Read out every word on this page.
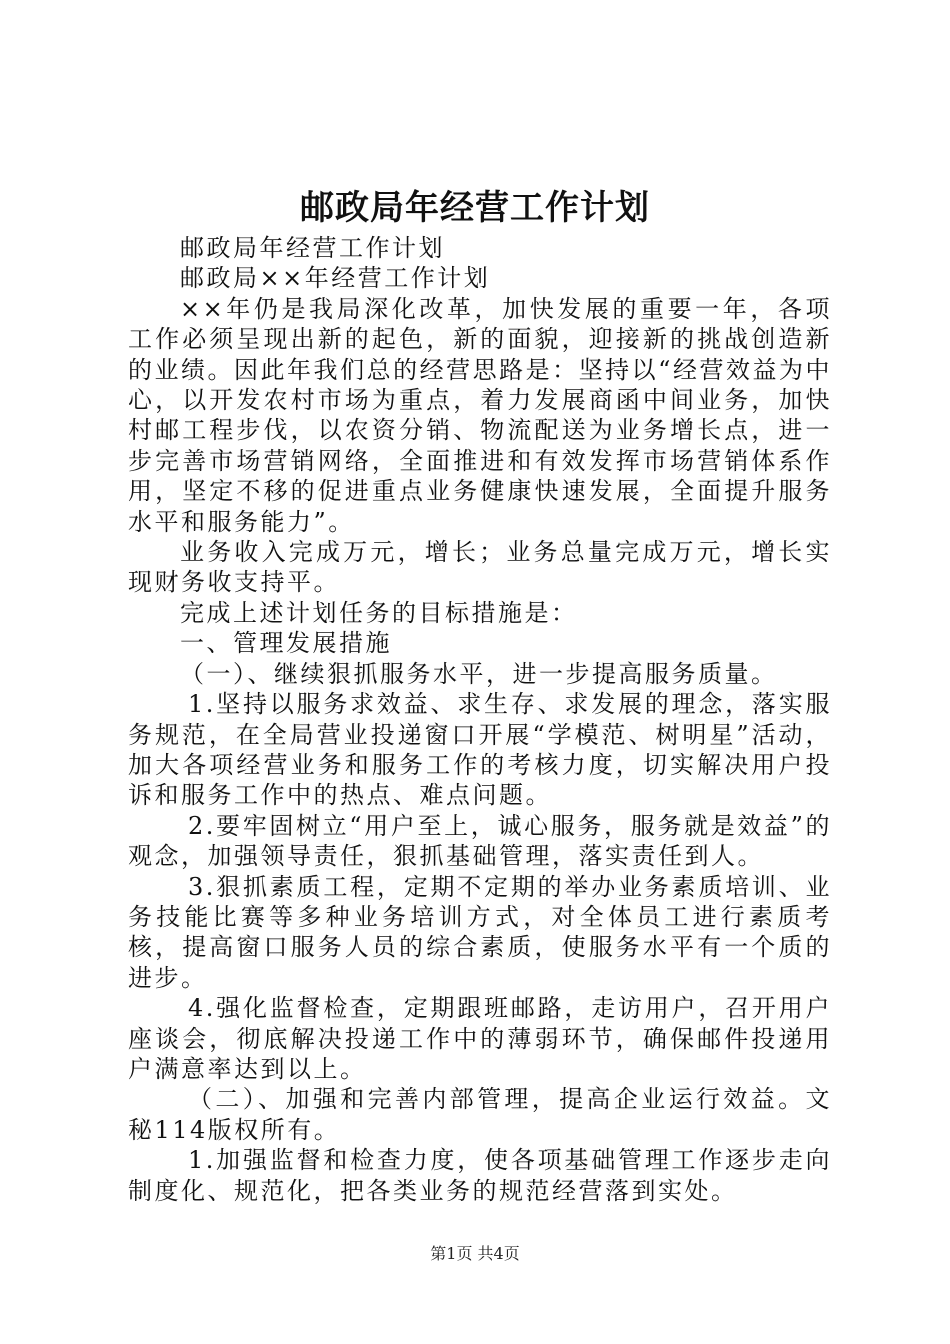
邮政局年经营工作计划

邮政局年经营工作计划

邮政局××年经营工作计划

××年仍是我局深化改革，加快发展的重要一年，各项工作必须呈现出新的起色，新的面貌，迎接新的挑战创造新的业绩。因此年我们总的经营思路是：坚持以“经营效益为中心，以开发农村市场为重点，着力发展商函中间业务，加快村邮工程步伐，以农资分销、物流配送为业务增长点，进一步完善市场营销网络，全面推进和有效发挥市场营销体系作用，坚定不移的促进重点业务健康快速发展，全面提升服务水平和服务能力”。

业务收入完成万元，增长；业务总量完成万元，增长实现财务收支持平。

完成上述计划任务的目标措施是：

一、管理发展措施

（一）、继续狠抓服务水平，进一步提高服务质量。

1.坚持以服务求效益、求生存、求发展的理念，落实服务规范，在全局营业投递窗口开展“学模范、树明星”活动，加大各项经营业务和服务工作的考核力度，切实解决用户投诉和服务工作中的热点、难点问题。

2.要牢固树立“用户至上，诚心服务，服务就是效益”的观念，加强领导责任，狠抓基础管理，落实责任到人。

3.狠抓素质工程，定期不定期的举办业务素质培训、业务技能比赛等多种业务培训方式，对全体员工进行素质考核，提高窗口服务人员的综合素质，使服务水平有一个质的进步。

4.强化监督检查，定期跟班邮路，走访用户，召开用户座谈会，彻底解决投递工作中的薄弱环节，确保邮件投递用户满意率达到以上。

（二）、加强和完善内部管理，提高企业运行效益。文秘114版权所有。

1.加强监督和检查力度，使各项基础管理工作逐步走向制度化、规范化，把各类业务的规范经营落到实处。

第1页 共4页
